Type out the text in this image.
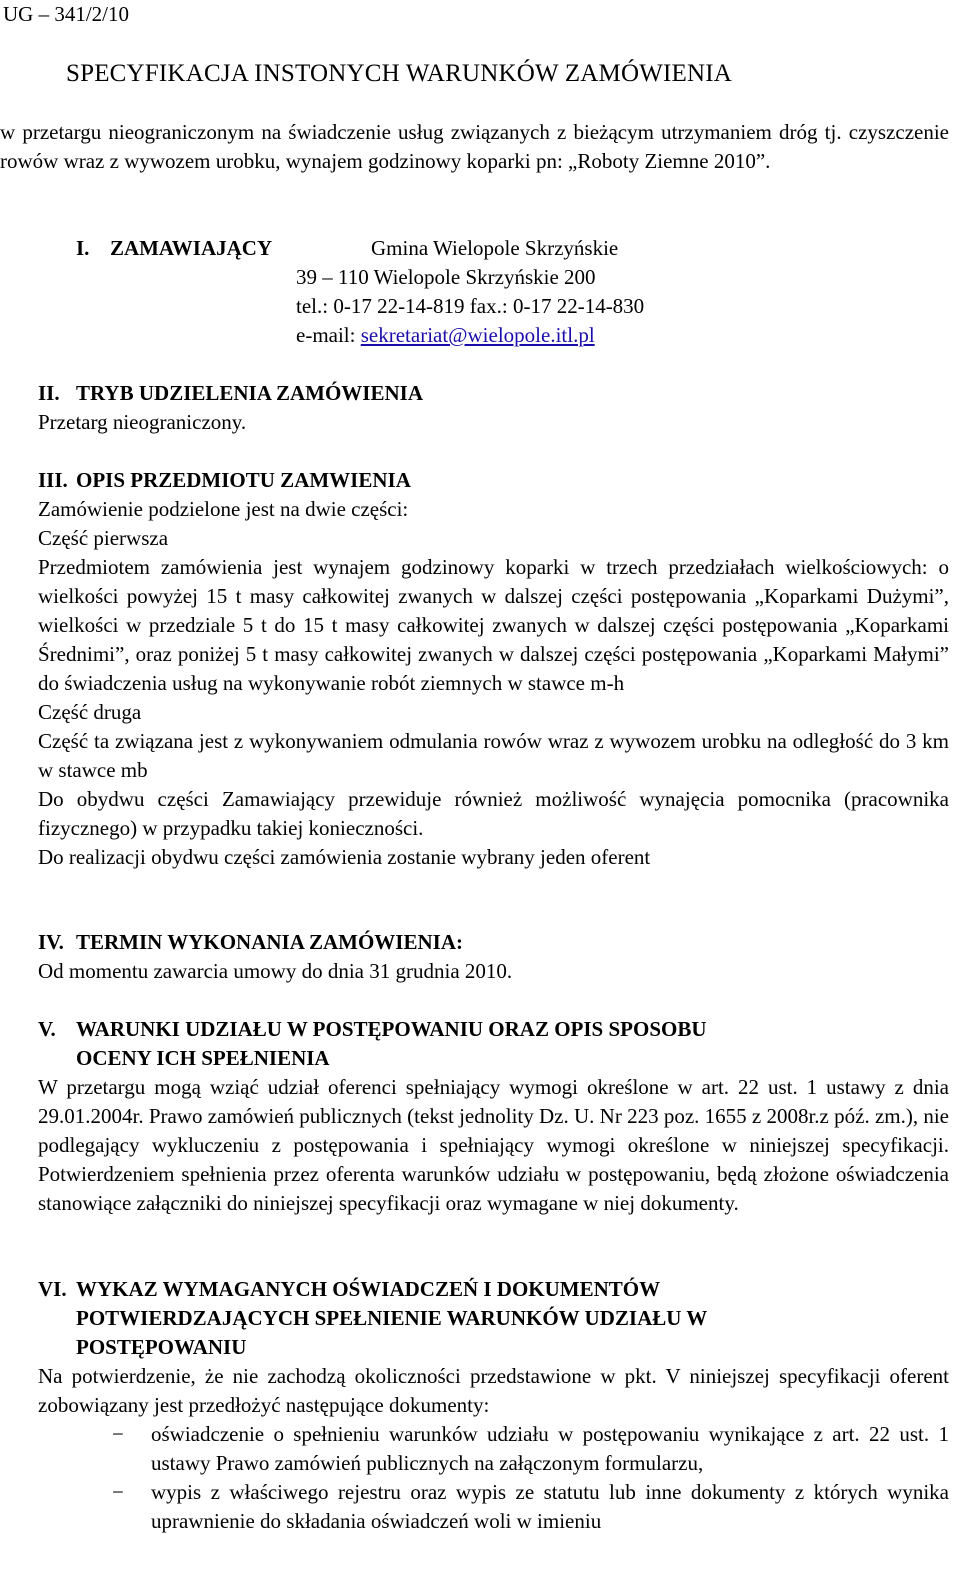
UG – 341/2/10
SPECYFIKACJA INSTONYCH WARUNKÓW ZAMÓWIENIA

w przetargu nieograniczonym na świadczenie usług związanych z bieżącym utrzymaniem dróg tj. czyszczenie rowów wraz z wywozem urobku, wynajem godzinowy koparki pn: „Roboty Ziemne 2010”.

I. ZAMAWIAJĄCY	Gmina Wielopole Skrzyńskie
39 – 110 Wielopole Skrzyńskie 200
tel.: 0-17 22-14-819 fax.: 0-17 22-14-830
e-mail: sekretariat@wielopole.itl.pl
II. TRYB UDZIELENIA ZAMÓWIENIA

Przetarg nieograniczony.

III. OPIS PRZEDMIOTU ZAMWIENIA

Zamówienie podzielone jest na dwie części:

Część pierwsza

Przedmiotem zamówienia jest wynajem godzinowy koparki w trzech przedziałach wielkościowych: o wielkości powyżej 15 t masy całkowitej zwanych w dalszej części postępowania „Koparkami Dużymi”, wielkości w przedziale 5 t do 15 t masy całkowitej zwanych w dalszej części postępowania „Koparkami Średnimi”, oraz poniżej 5 t masy całkowitej zwanych w dalszej części postępowania „Koparkami Małymi” do świadczenia usług na wykonywanie robót ziemnych w stawce m-h

Część druga

Część ta związana jest z wykonywaniem odmulania rowów wraz z wywozem urobku na odległość do 3 km w stawce mb

Do obydwu części Zamawiający przewiduje również możliwość wynajęcia pomocnika (pracownika fizycznego) w przypadku takiej konieczności.

Do realizacji obydwu części zamówienia zostanie wybrany jeden oferent

IV. TERMIN WYKONANIA ZAMÓWIENIA:

Od momentu zawarcia umowy do dnia 31 grudnia 2010.

V. WARUNKI UDZIAŁU W POSTĘPOWANIU ORAZ OPIS SPOSOBU
OCENY ICH SPEŁNIENIA

W przetargu mogą wziąć udział oferenci spełniający wymogi określone w art. 22 ust. 1 ustawy z dnia 29.01.2004r. Prawo zamówień publicznych (tekst jednolity Dz. U. Nr 223 poz. 1655 z 2008r.z póź. zm.), nie podlegający wykluczeniu z postępowania i spełniający wymogi określone w niniejszej specyfikacji. Potwierdzeniem spełnienia przez oferenta warunków udziału w postępowaniu, będą złożone oświadczenia stanowiące załączniki do niniejszej specyfikacji oraz wymagane w niej dokumenty.

VI. WYKAZ WYMAGANYCH OŚWIADCZEŃ I DOKUMENTÓW
POTWIERDZAJĄCYCH SPEŁNIENIE WARUNKÓW UDZIAŁU W
POSTĘPOWANIU

Na potwierdzenie, że nie zachodzą okoliczności przedstawione w pkt. V niniejszej specyfikacji oferent zobowiązany jest przedłożyć następujące dokumenty:

− oświadczenie o spełnieniu warunków udziału w postępowaniu wynikające z art. 22 ust. 1 ustawy Prawo zamówień publicznych na załączonym formularzu,
− wypis z właściwego rejestru oraz wypis ze statutu lub inne dokumenty z których wynika uprawnienie do składania oświadczeń woli w imieniu
